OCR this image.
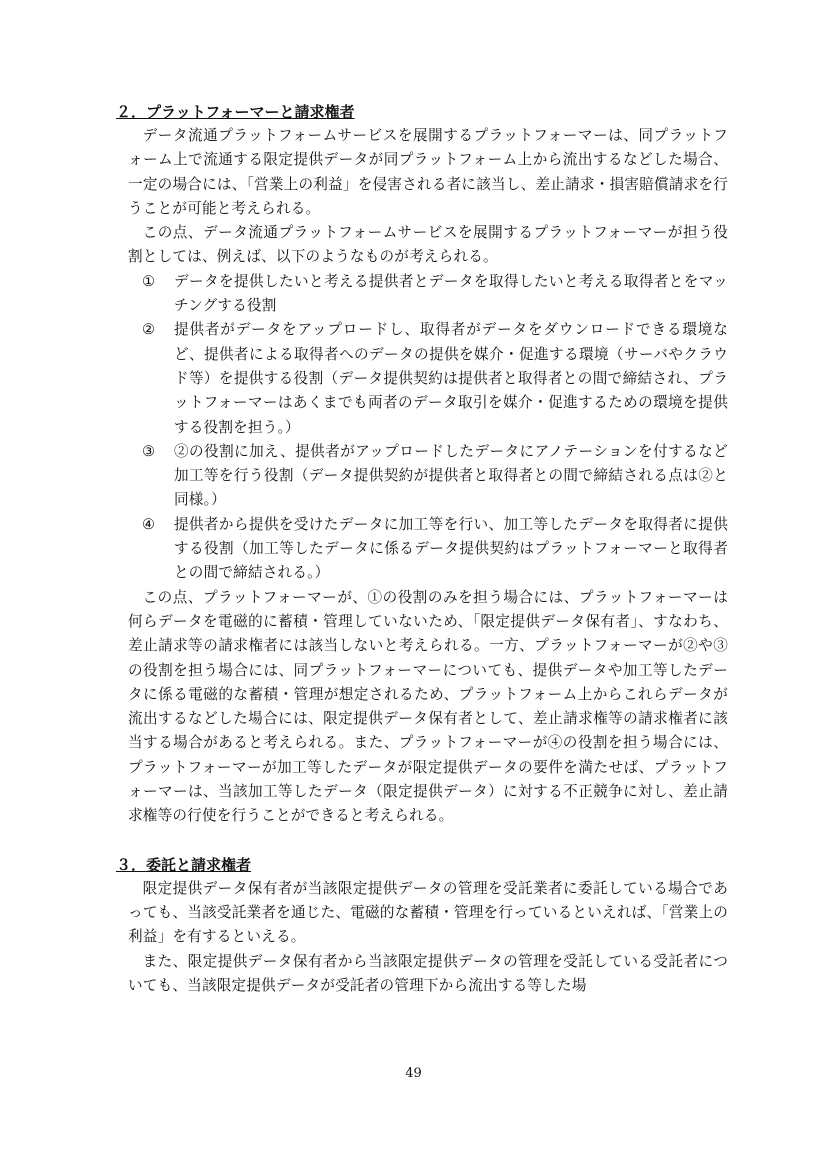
２．プラットフォーマーと請求権者

データ流通プラットフォームサービスを展開するプラットフォーマーは、同プラットフォーム上で流通する限定提供データが同プラットフォーム上から流出するなどした場合、一定の場合には、「営業上の利益」を侵害される者に該当し、差止請求・損害賠償請求を行うことが可能と考えられる。

この点、データ流通プラットフォームサービスを展開するプラットフォーマーが担う役割としては、例えば、以下のようなものが考えられる。

① データを提供したいと考える提供者とデータを取得したいと考える取得者とをマッチングする役割
② 提供者がデータをアップロードし、取得者がデータをダウンロードできる環境など、提供者による取得者へのデータの提供を媒介・促進する環境（サーバやクラウド等）を提供する役割（データ提供契約は提供者と取得者との間で締結され、プラットフォーマーはあくまでも両者のデータ取引を媒介・促進するための環境を提供する役割を担う。）
③ ②の役割に加え、提供者がアップロードしたデータにアノテーションを付するなど加工等を行う役割（データ提供契約が提供者と取得者との間で締結される点は②と同様。）
④ 提供者から提供を受けたデータに加工等を行い、加工等したデータを取得者に提供する役割（加工等したデータに係るデータ提供契約はプラットフォーマーと取得者との間で締結される。）

この点、プラットフォーマーが、①の役割のみを担う場合には、プラットフォーマーは何らデータを電磁的に蓄積・管理していないため、「限定提供データ保有者」、すなわち、差止請求等の請求権者には該当しないと考えられる。一方、プラットフォーマーが②や③の役割を担う場合には、同プラットフォーマーについても、提供データや加工等したデータに係る電磁的な蓄積・管理が想定されるため、プラットフォーム上からこれらデータが流出するなどした場合には、限定提供データ保有者として、差止請求権等の請求権者に該当する場合があると考えられる。また、プラットフォーマーが④の役割を担う場合には、プラットフォーマーが加工等したデータが限定提供データの要件を満たせば、プラットフォーマーは、当該加工等したデータ（限定提供データ）に対する不正競争に対し、差止請求権等の行使を行うことができると考えられる。

３．委託と請求権者

限定提供データ保有者が当該限定提供データの管理を受託業者に委託している場合であっても、当該受託業者を通じた、電磁的な蓄積・管理を行っているといえれば、「営業上の利益」を有するといえる。

また、限定提供データ保有者から当該限定提供データの管理を受託している受託者についても、当該限定提供データが受託者の管理下から流出する等した場

49
